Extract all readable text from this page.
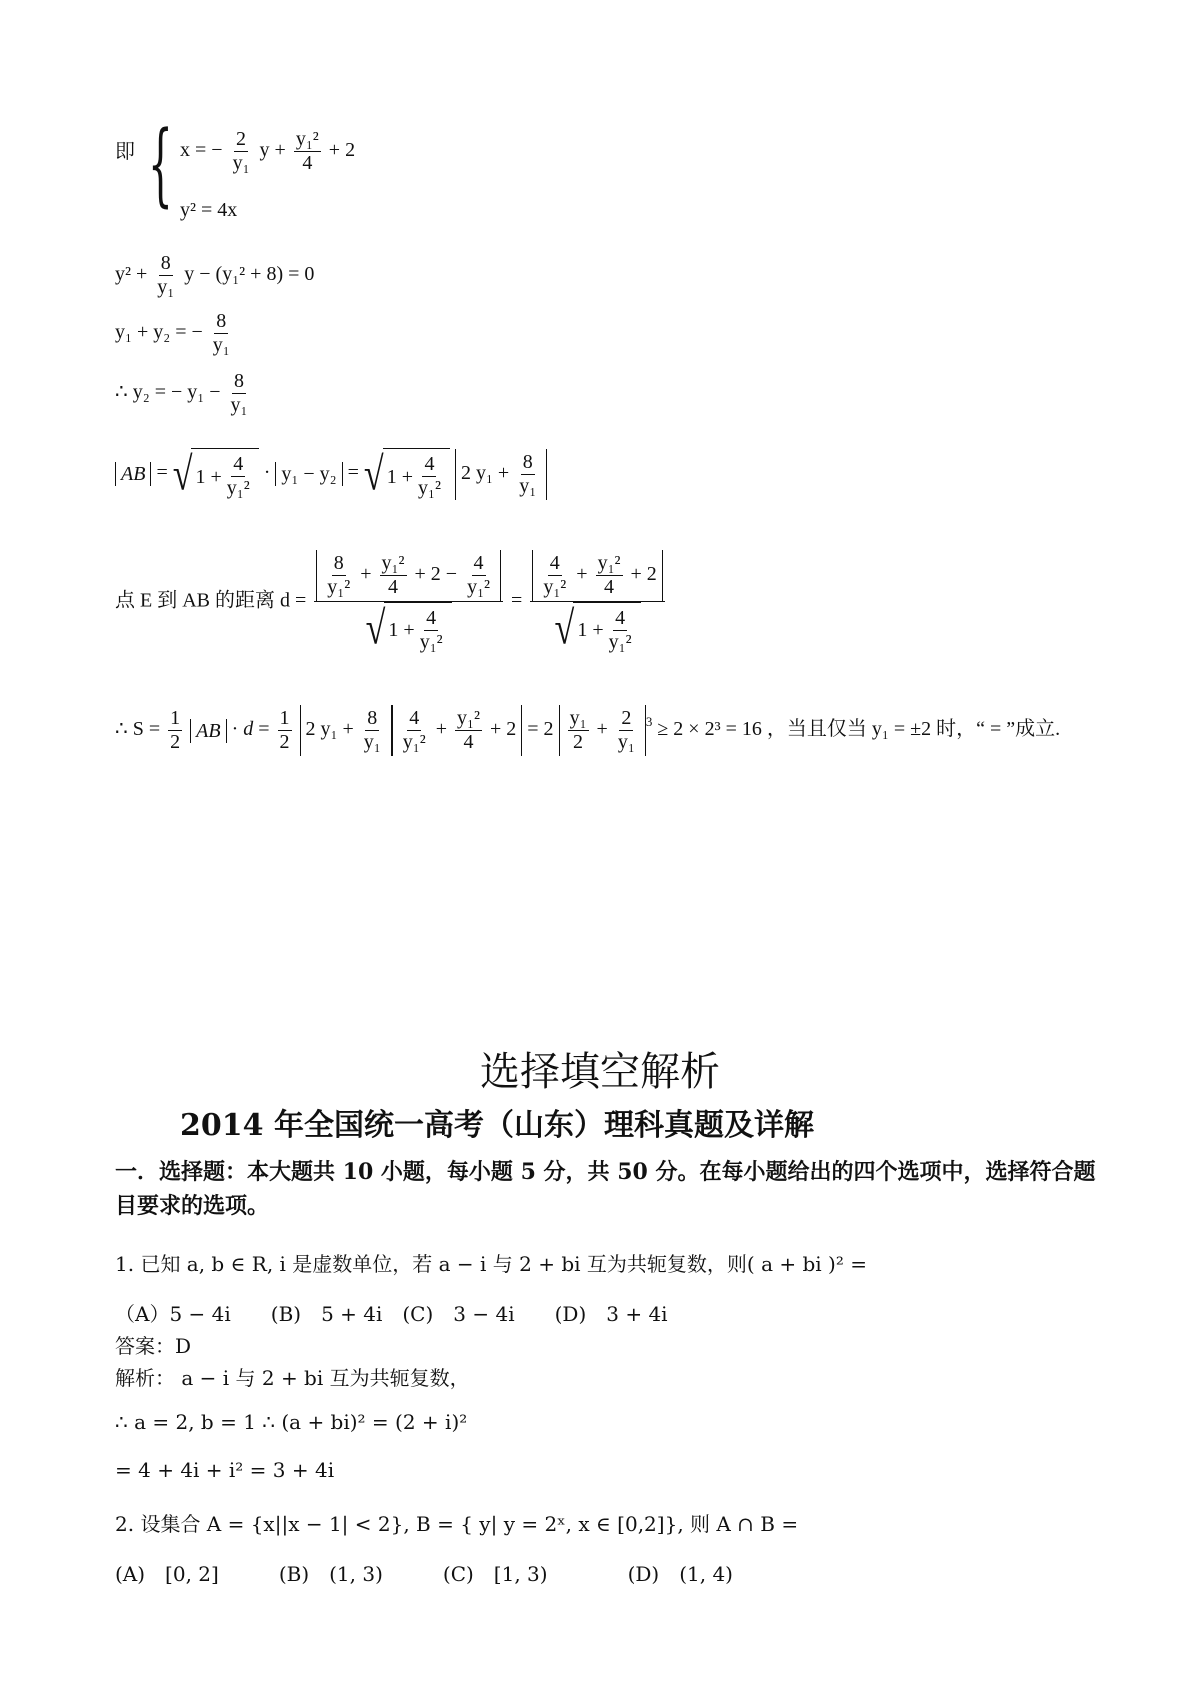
即 { x = − $\frac{2}{\text{y₁}}$ $y + \frac{\text{y₁²}}{4} + 2$
y² = 4x
$y^2 + \frac{8}{\text{y₁}}$ y − (y₁² + 8) = 0
y₁ + y₂ = − $\frac{8}{\text{y₁}}$
∴ y₂ = − $y_1 - \frac{8}{\text{y₁}}$
AB = √ $1 + \frac{4}{\text{y₁²}} \cdot y_1 - y_2$ = √ $1 + \frac{4}{\text{y₁²}} 2$ $y_1 + \frac{8}{\text{y₁}}$
点 E 到 AB 的距离 $d = \frac{\frac{8}{\text{y₁²}} + \frac{\text{y₁²}}{4} + 2 - \frac{4}{\text{y₁²}}}{√ 1 + \frac{4}{\text{y₁²}}} = \frac{\frac{4}{\text{y₁²}} + \frac{\text{y₁²}}{4} + 2}{√ 1 + \frac{4}{\text{y₁²}}}$
∴ $S = \frac{1}{2}$ AB · $d = \frac{1}{2} 2$ $y_1 + \frac{8}{\text{y₁}} \frac{4}{\text{y₁²}} + \frac{\text{y₁²}}{4} + 2 = 2 \frac{\text{y₁}}{2} + \frac{2}{\text{y₁}} ^3 \ge 2 \times 2^3 = 16$ ，当且仅当 y₁ = ±2 时，“ = ”成立.
选择填空解析
2014 年全国统一高考（山东）理科真题及详解
一．选择题：本大题共 10 小题，每小题 5 分，共 50 分。在每小题给出的四个选项中，选择符合题目要求的选项。
1. 已知 a, b ∈ R, i 是虚数单位，若 a − i 与 2 + bi 互为共轭复数，则( a + bi )² =
（A）5 − 4i　　(B)　5 + 4i　(C)　3 − 4i　　(D)　3 + 4i
答案：D
解析： a − i 与 2 + bi 互为共轭复数，
∴ a = 2, b = 1 ∴ (a + bi)² = (2 + i)²
= 4 + 4i + i² = 3 + 4i
2. 设集合 A = {x||x − 1| < 2}, B = { y| y = 2ˣ, x ∈ [0,2]}, 则 A ∩ B =
(A)　[0, 2]　　　(B)　(1, 3)　　　(C)　[1, 3)　　　　(D)　(1, 4)
